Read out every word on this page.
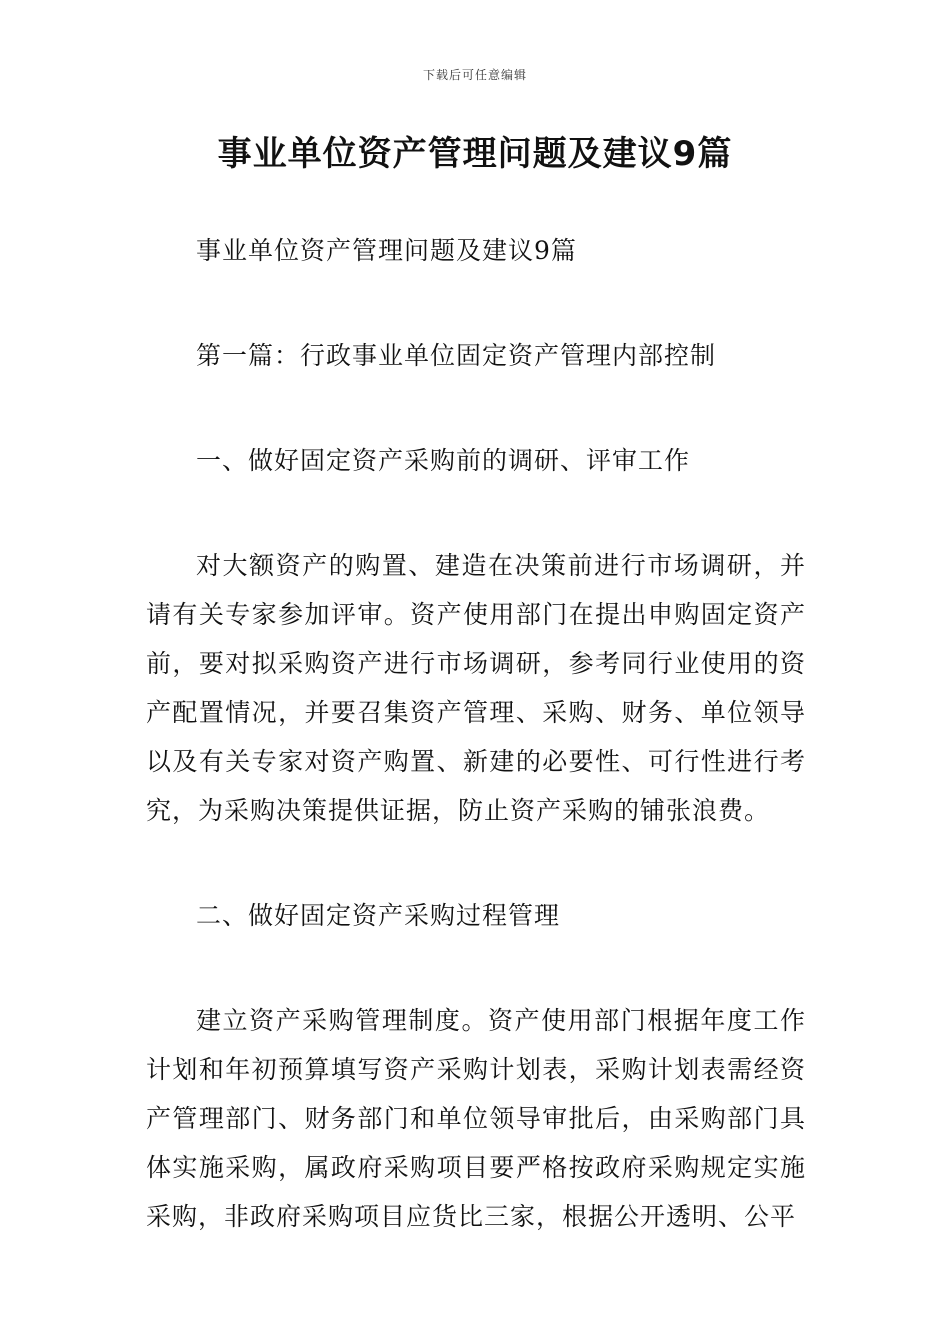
下载后可任意编辑
事业单位资产管理问题及建议9篇

事业单位资产管理问题及建议9篇

第一篇：行政事业单位固定资产管理内部控制

一、做好固定资产采购前的调研、评审工作

对大额资产的购置、建造在决策前进行市场调研，并请有关专家参加评审。资产使用部门在提出申购固定资产前，要对拟采购资产进行市场调研，参考同行业使用的资产配置情况，并要召集资产管理、采购、财务、单位领导以及有关专家对资产购置、新建的必要性、可行性进行考究，为采购决策提供证据，防止资产采购的铺张浪费。

二、做好固定资产采购过程管理

建立资产采购管理制度。资产使用部门根据年度工作计划和年初预算填写资产采购计划表，采购计划表需经资产管理部门、财务部门和单位领导审批后，由采购部门具体实施采购，属政府采购项目要严格按政府采购规定实施采购，非政府采购项目应货比三家，根据公开透明、公平
